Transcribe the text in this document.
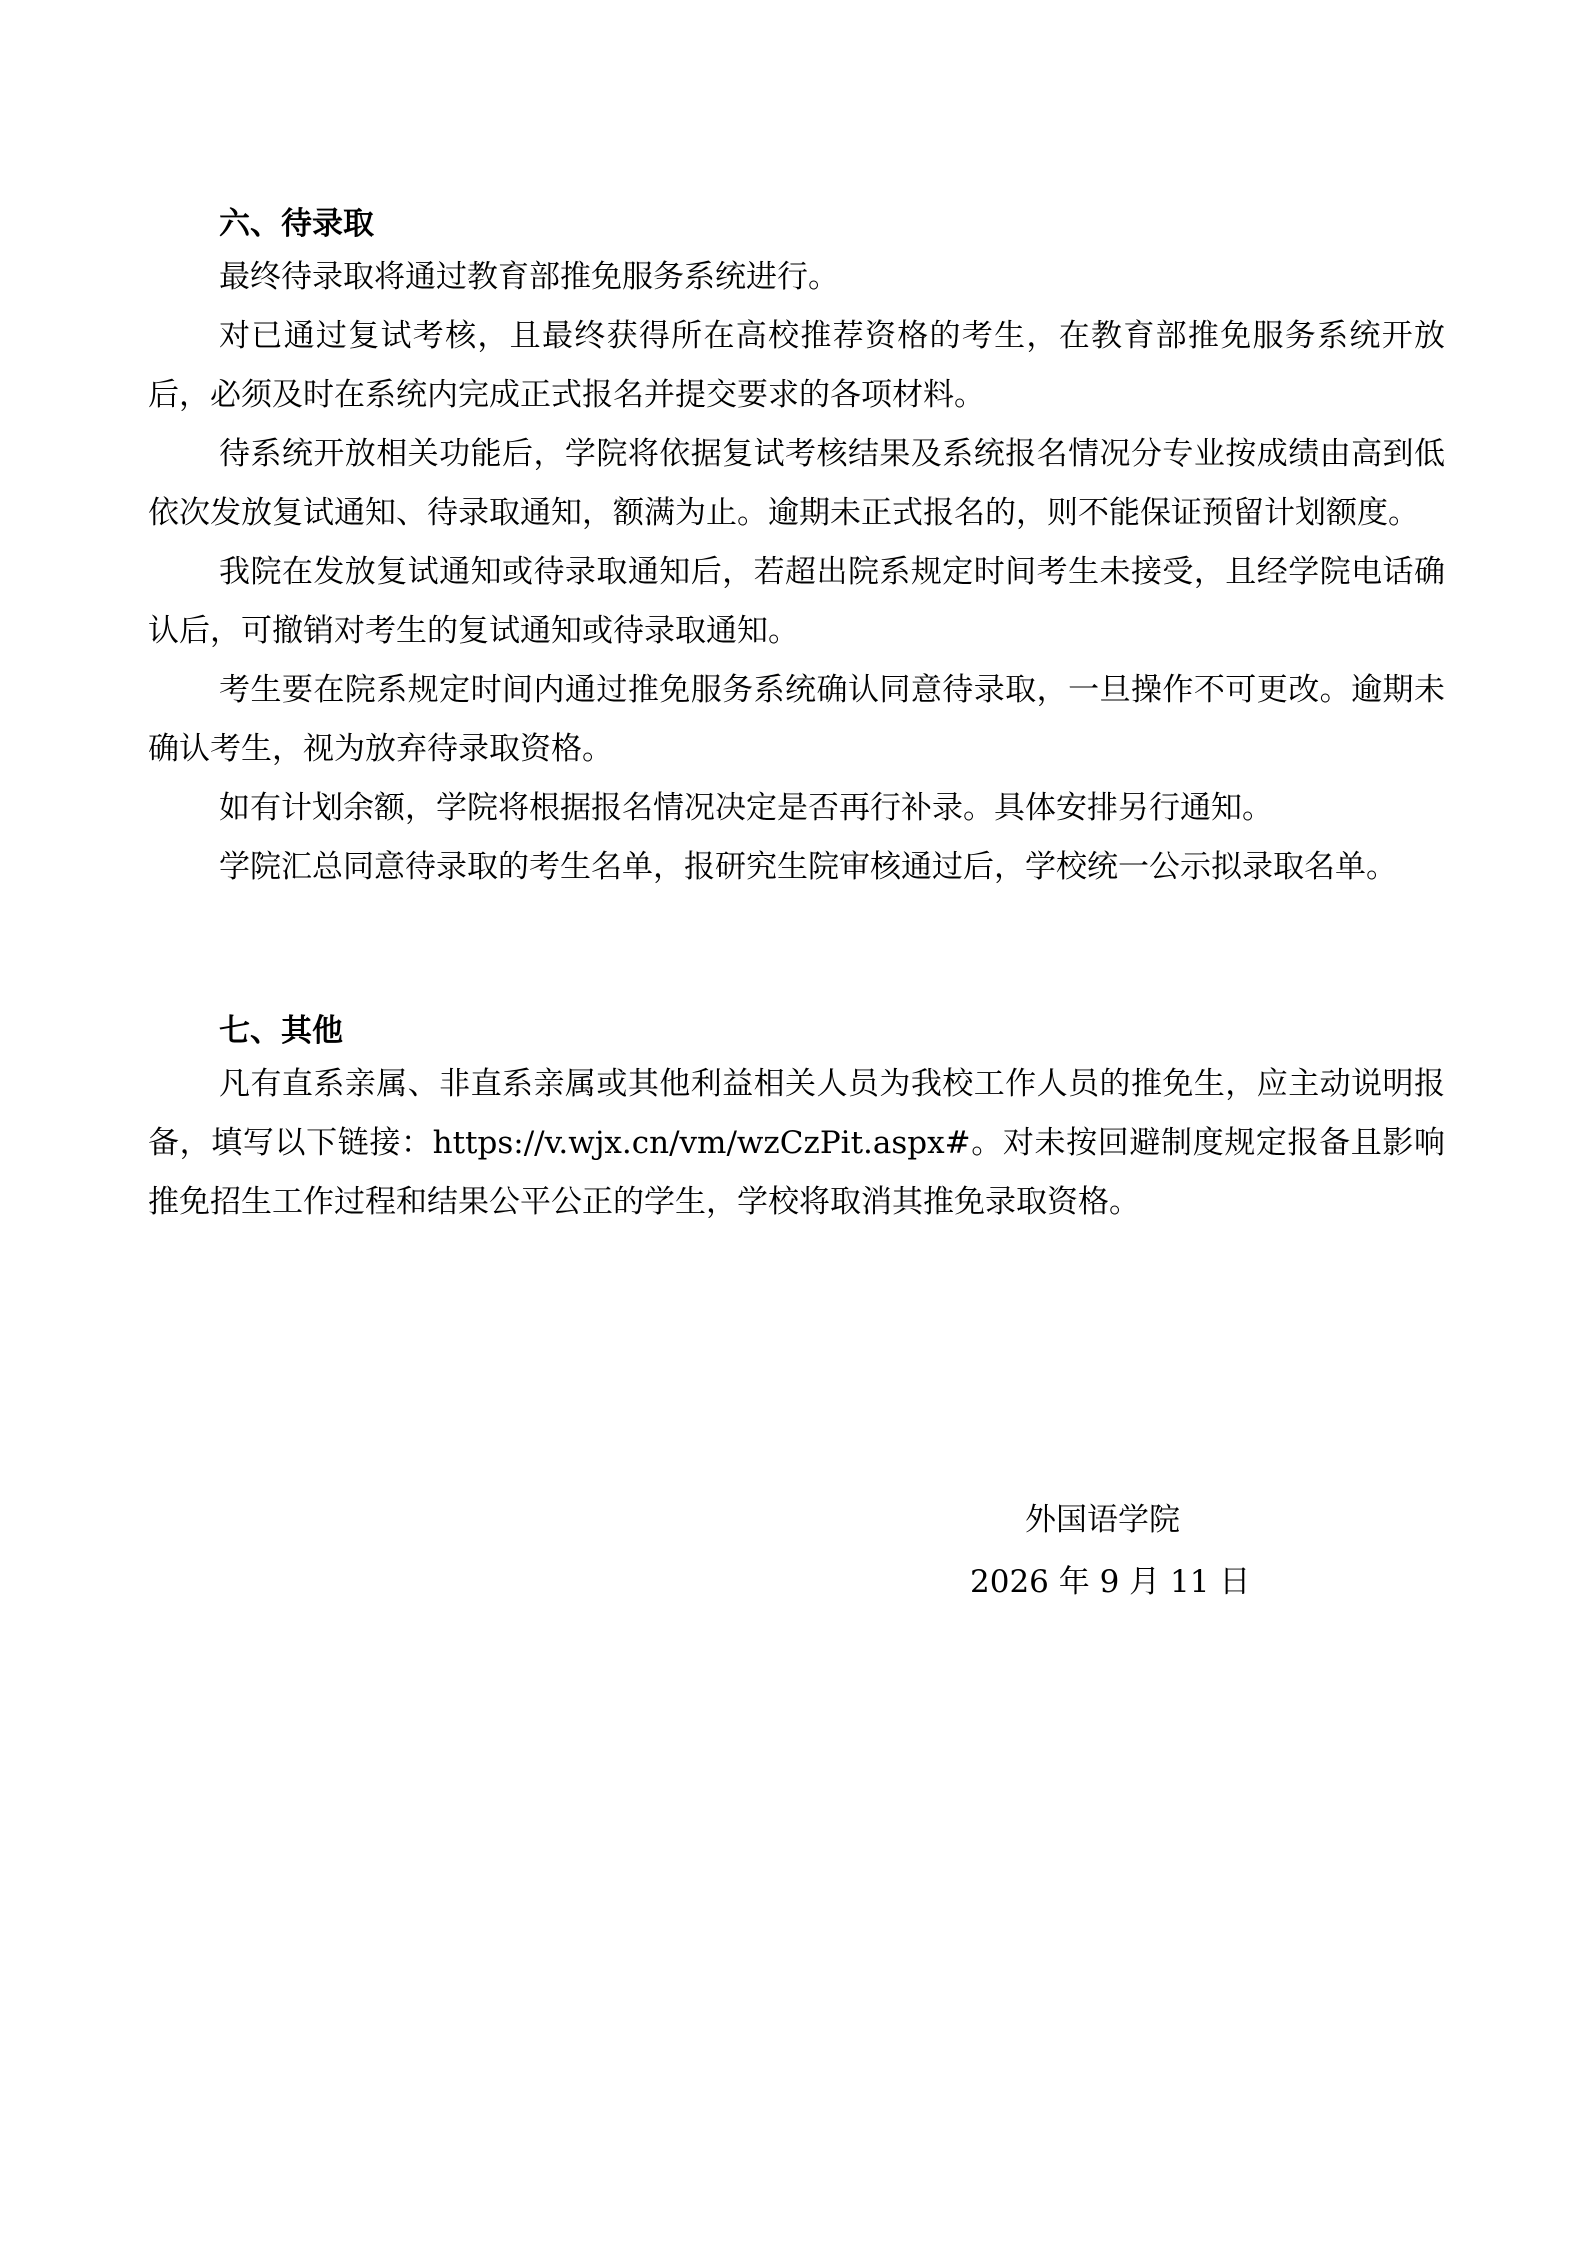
六、待录取

最终待录取将通过教育部推免服务系统进行。

对已通过复试考核，且最终获得所在高校推荐资格的考生，在教育部推免服务系统开放后，必须及时在系统内完成正式报名并提交要求的各项材料。

待系统开放相关功能后，学院将依据复试考核结果及系统报名情况分专业按成绩由高到低依次发放复试通知、待录取通知，额满为止。逾期未正式报名的，则不能保证预留计划额度。

我院在发放复试通知或待录取通知后，若超出院系规定时间考生未接受，且经学院电话确认后，可撤销对考生的复试通知或待录取通知。

考生要在院系规定时间内通过推免服务系统确认同意待录取，一旦操作不可更改。逾期未确认考生，视为放弃待录取资格。

如有计划余额，学院将根据报名情况决定是否再行补录。具体安排另行通知。

学院汇总同意待录取的考生名单，报研究生院审核通过后，学校统一公示拟录取名单。

七、其他

凡有直系亲属、非直系亲属或其他利益相关人员为我校工作人员的推免生，应主动说明报备，填写以下链接：https://v.wjx.cn/vm/wzCzPit.aspx#。对未按回避制度规定报备且影响推免招生工作过程和结果公平公正的学生，学校将取消其推免录取资格。

外国语学院
2026 年 9 月 11 日
